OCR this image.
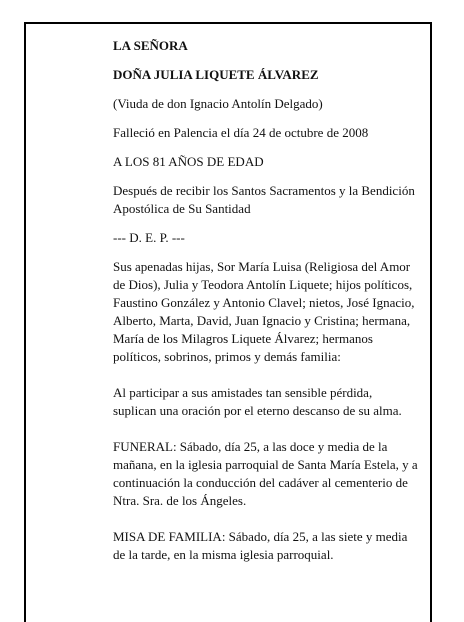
LA SEÑORA

DOÑA JULIA LIQUETE ÁLVAREZ

(Viuda de don Ignacio Antolín Delgado)

Falleció en Palencia el día 24 de octubre de 2008

A LOS 81 AÑOS DE EDAD

Después de recibir los Santos Sacramentos y la Bendición Apostólica de Su Santidad

--- D. E. P. ---

Sus apenadas hijas, Sor María Luisa (Religiosa del Amor de Dios), Julia y Teodora Antolín Liquete; hijos políticos, Faustino González y Antonio Clavel; nietos, José Ignacio, Alberto, Marta, David, Juan Ignacio y Cristina; hermana, María de los Milagros Liquete Álvarez; hermanos políticos, sobrinos, primos y demás familia:

Al participar a sus amistades tan sensible pérdida, suplican una oración por el eterno descanso de su alma.

FUNERAL: Sábado, día 25, a las doce y media de la mañana, en la iglesia parroquial de Santa María Estela, y a continuación la conducción del cadáver al cementerio de Ntra. Sra. de los Ángeles.

MISA DE FAMILIA: Sábado, día 25, a las siete y media de la tarde, en la misma iglesia parroquial.
